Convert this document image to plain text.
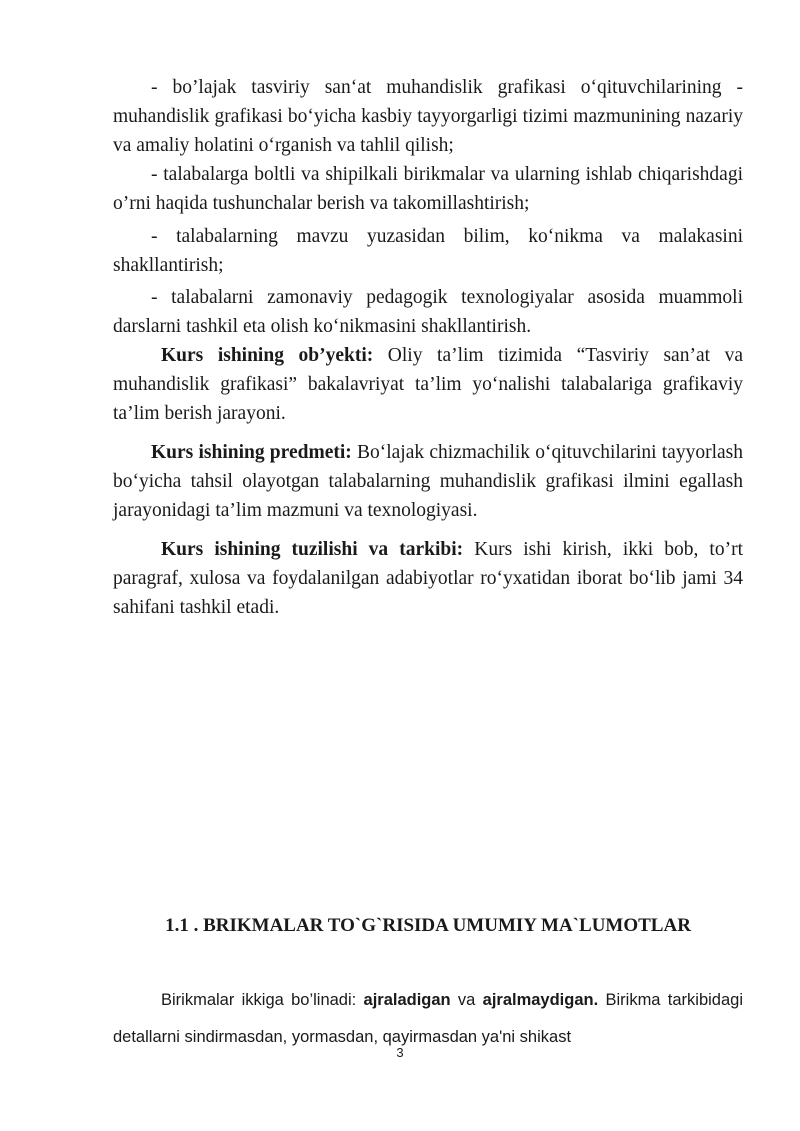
- bo’lajak tasviriy san‘at muhandislik grafikasi o‘qituvchilarining - muhandislik grafikasi bo‘yicha kasbiy tayyorgarligi tizimi mazmunining nazariy va amaliy holatini o‘rganish va tahlil qilish;

- talabalarga boltli va shipilkali birikmalar va ularning ishlab chiqarishdagi o’rni haqida tushunchalar berish va takomillashtirish;

- talabalarning mavzu yuzasidan bilim, ko‘nikma va malakasini shakllantirish;

- talabalarni zamonaviy pedagogik texnologiyalar asosida muammoli darslarni tashkil eta olish ko‘nikmasini shakllantirish.

Kurs ishining ob’yekti: Oliy ta’lim tizimida “Tasviriy san’at va muhandislik grafikasi” bakalavriyat ta’lim yo‘nalishi talabalariga grafikaviy ta’lim berish jarayoni.

Kurs ishining predmeti: Bo‘lajak chizmachilik o‘qituvchilarini tayyorlash bo‘yicha tahsil olayotgan talabalarning muhandislik grafikasi ilmini egallash jarayonidagi ta’lim mazmuni va texnologiyasi.

Kurs ishining tuzilishi va tarkibi: Kurs ishi kirish, ikki bob, to’rt paragraf, xulosa va foydalanilgan adabiyotlar ro‘yxatidan iborat bo‘lib jami 34 sahifani tashkil etadi.

1.1 . BRIKMALAR TO`G`RISIDA UMUMIY MA`LUMOTLAR

Birikmalar ikkiga bo’linadi: ajraladigan va ajralmaydigan. Birikma tarkibidagi detallarni sindirmasdan, yormasdan, qayirmasdan ya'ni shikast

3
